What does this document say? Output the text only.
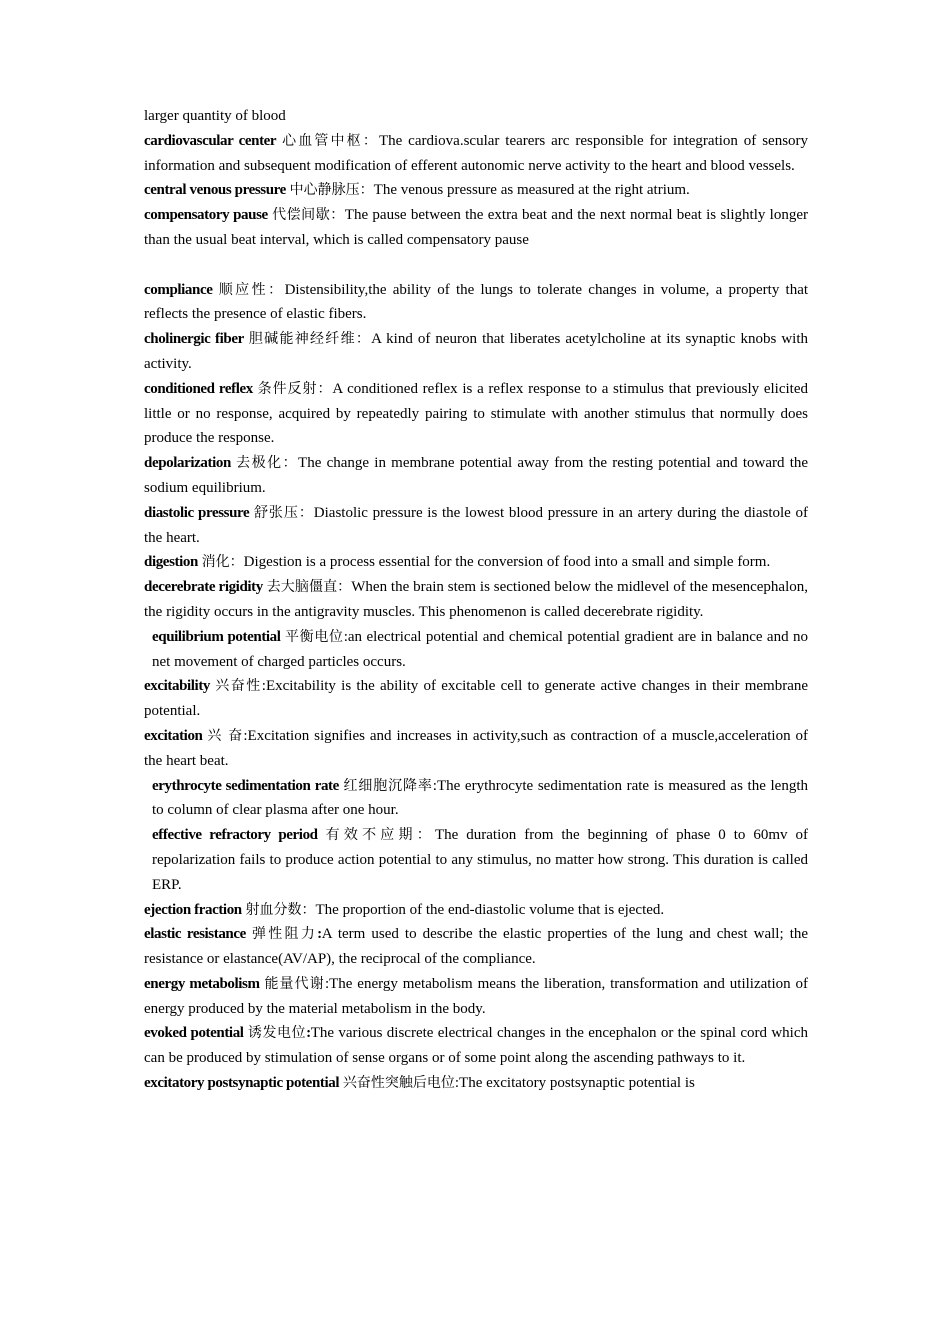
larger quantity of blood

cardiovascular center 心血管中枢：The cardiova.scular tearers arc responsible for integration of sensory information and subsequent modification of efferent autonomic nerve activity to the heart and blood vessels.

central venous pressure 中心静脉压：The venous pressure as measured at the right atrium.

compensatory pause 代偿间歇：The pause between the extra beat and the next normal beat is slightly longer than the usual beat interval, which is called compensatory pause

compliance 顺应性：Distensibility,the ability of the lungs to tolerate changes in volume, a property that reflects the presence of elastic fibers.

cholinergic fiber 胆碱能神经纤维：A kind of neuron that liberates acetylcholine at its synaptic knobs with activity.

conditioned reflex 条件反射：A conditioned reflex is a reflex response to a stimulus that previously elicited little or no response, acquired by repeatedly pairing to stimulate with another stimulus that normully does produce the response.

depolarization 去极化：The change in membrane potential away from the resting potential and toward the sodium equilibrium.

diastolic pressure 舒张压：Diastolic pressure is the lowest blood pressure in an artery during the diastole of the heart.

digestion 消化：Digestion is a process essential for the conversion of food into a small and simple form.

decerebrate rigidity 去大脑僵直：When the brain stem is sectioned below the midlevel of the mesencephalon, the rigidity occurs in the antigravity muscles. This phenomenon is called decerebrate rigidity.

equilibrium potential 平衡电位:an electrical potential and chemical potential gradient are in balance and no net movement of charged particles occurs.

excitability 兴奋性:Excitability is the ability of excitable cell to generate active changes in their membrane potential.

excitation 兴 奋:Excitation signifies and increases in activity,such as contraction of a muscle,acceleration of the heart beat.

erythrocyte sedimentation rate 红细胞沉降率:The erythrocyte sedimentation rate is measured as the length to column of clear plasma after one hour.

effective refractory period 有效不应期：The duration from the beginning of phase 0 to 60mv of repolarization fails to produce action potential to any stimulus, no matter how strong. This duration is called ERP.

ejection fraction 射血分数：The proportion of the end-diastolic volume that is ejected.

elastic resistance 弹性阻力:A term used to describe the elastic properties of the lung and chest wall; the resistance or elastance(AV/AP), the reciprocal of the compliance.

energy metabolism 能量代谢:The energy metabolism means the liberation, transformation and utilization of energy produced by the material metabolism in the body.

evoked potential 诱发电位:The various discrete electrical changes in the encephalon or the spinal cord which can be produced by stimulation of sense organs or of some point along the ascending pathways to it.

excitatory postsynaptic potential 兴奋性突触后电位:The excitatory postsynaptic potential is
